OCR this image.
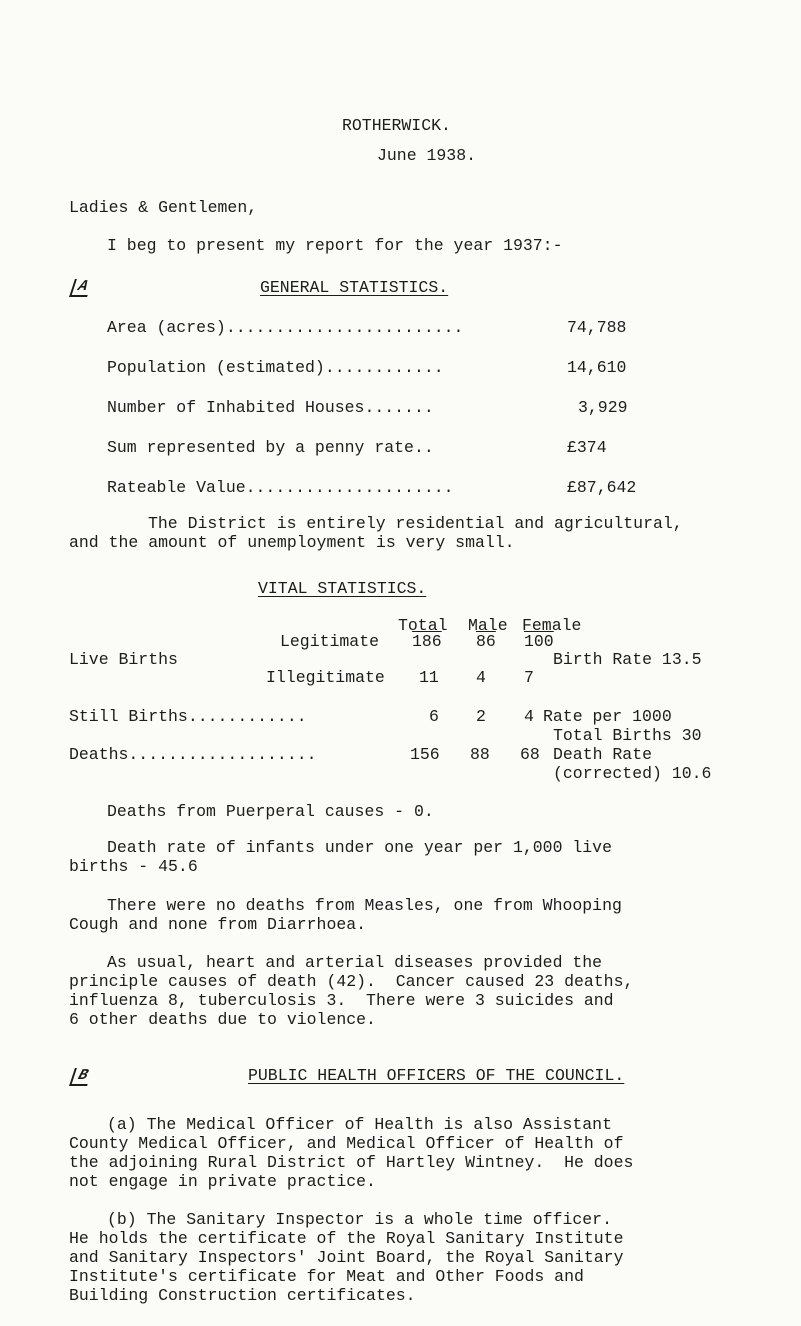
ROTHERWICK.
June 1938.
Ladies & Gentlemen,
I beg to present my report for the year 1937:-
A	GENERAL STATISTICS.
Area (acres)........................	74,788
Population (estimated)............	14,610
Number of Inhabited Houses.......	3,929
Sum represented by a penny rate..	£374
Rateable Value.....................	£87,642
The District is entirely residential and agricultural,
and the amount of unemployment is very small.
VITAL STATISTICS.
Total Male Female
Legitimate 186 86 100
Live Births	Birth Rate 13.5
Illegitimate 11 4 7
Still Births............	6 2 4 Rate per 1000
Total Births 30
Deaths...................	156 88 68 Death Rate
(corrected) 10.6
Deaths from Puerperal causes - 0.
Death rate of infants under one year per 1,000 live
births - 45.6
There were no deaths from Measles, one from Whooping
Cough and none from Diarrhoea.
As usual, heart and arterial diseases provided the
principle causes of death (42).  Cancer caused 23 deaths,
influenza 8, tuberculosis 3.  There were 3 suicides and
6 other deaths due to violence.
B	PUBLIC HEALTH OFFICERS OF THE COUNCIL.
(a) The Medical Officer of Health is also Assistant
County Medical Officer, and Medical Officer of Health of
the adjoining Rural District of Hartley Wintney.  He does
not engage in private practice.
(b) The Sanitary Inspector is a whole time officer.
He holds the certificate of the Royal Sanitary Institute
and Sanitary Inspectors' Joint Board, the Royal Sanitary
Institute's certificate for Meat and Other Foods and
Building Construction certificates.
